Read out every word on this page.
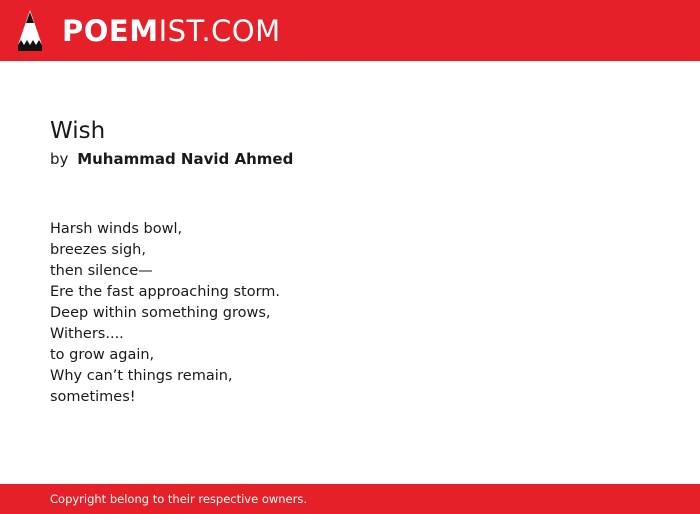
POEMIST.COM
Wish
by Muhammad Navid Ahmed
Harsh winds bowl,
breezes sigh,
then silence—
Ere the fast approaching storm.
Deep within something grows,
Withers....
to grow again,
Why can’t things remain,
sometimes!
Copyright belong to their respective owners.
